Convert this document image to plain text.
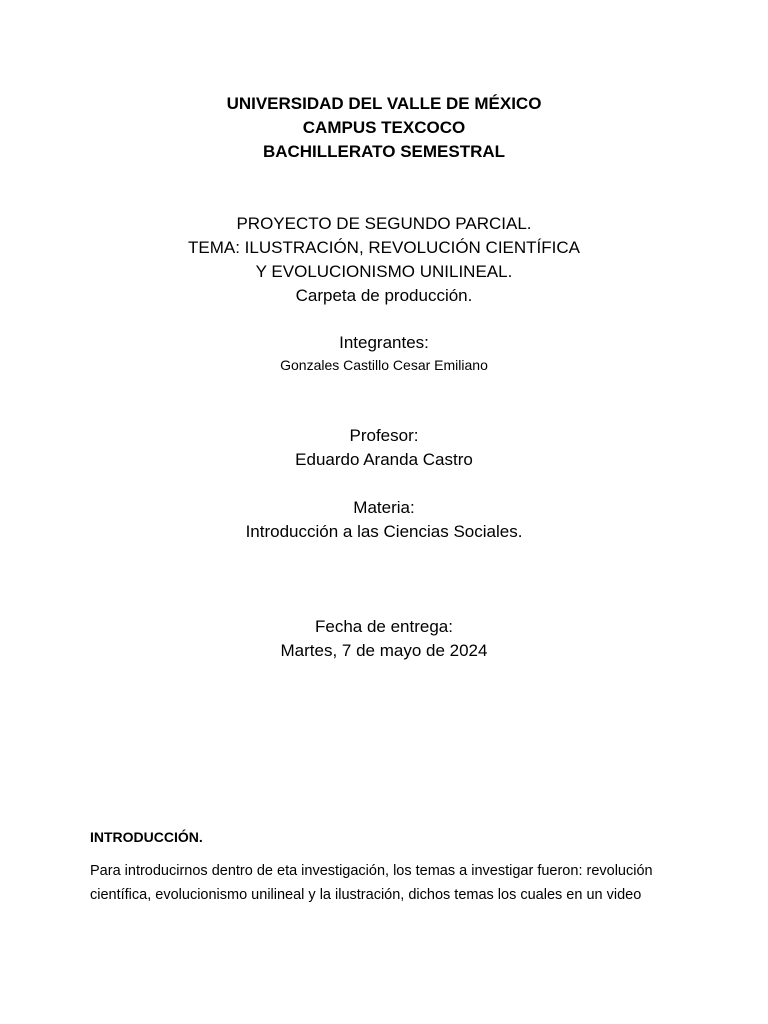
UNIVERSIDAD DEL VALLE DE MÉXICO
CAMPUS TEXCOCO
BACHILLERATO SEMESTRAL
PROYECTO DE SEGUNDO PARCIAL.
TEMA: ILUSTRACIÓN, REVOLUCIÓN CIENTÍFICA
Y EVOLUCIONISMO UNILINEAL.
Carpeta de producción.
Integrantes:
Gonzales Castillo Cesar Emiliano
Profesor:
Eduardo Aranda Castro
Materia:
Introducción a las Ciencias Sociales.
Fecha de entrega:
Martes, 7 de mayo de 2024
INTRODUCCIÓN.
Para introducirnos dentro de eta investigación, los temas a investigar fueron: revolución
científica, evolucionismo unilineal y la ilustración, dichos temas los cuales en un video
